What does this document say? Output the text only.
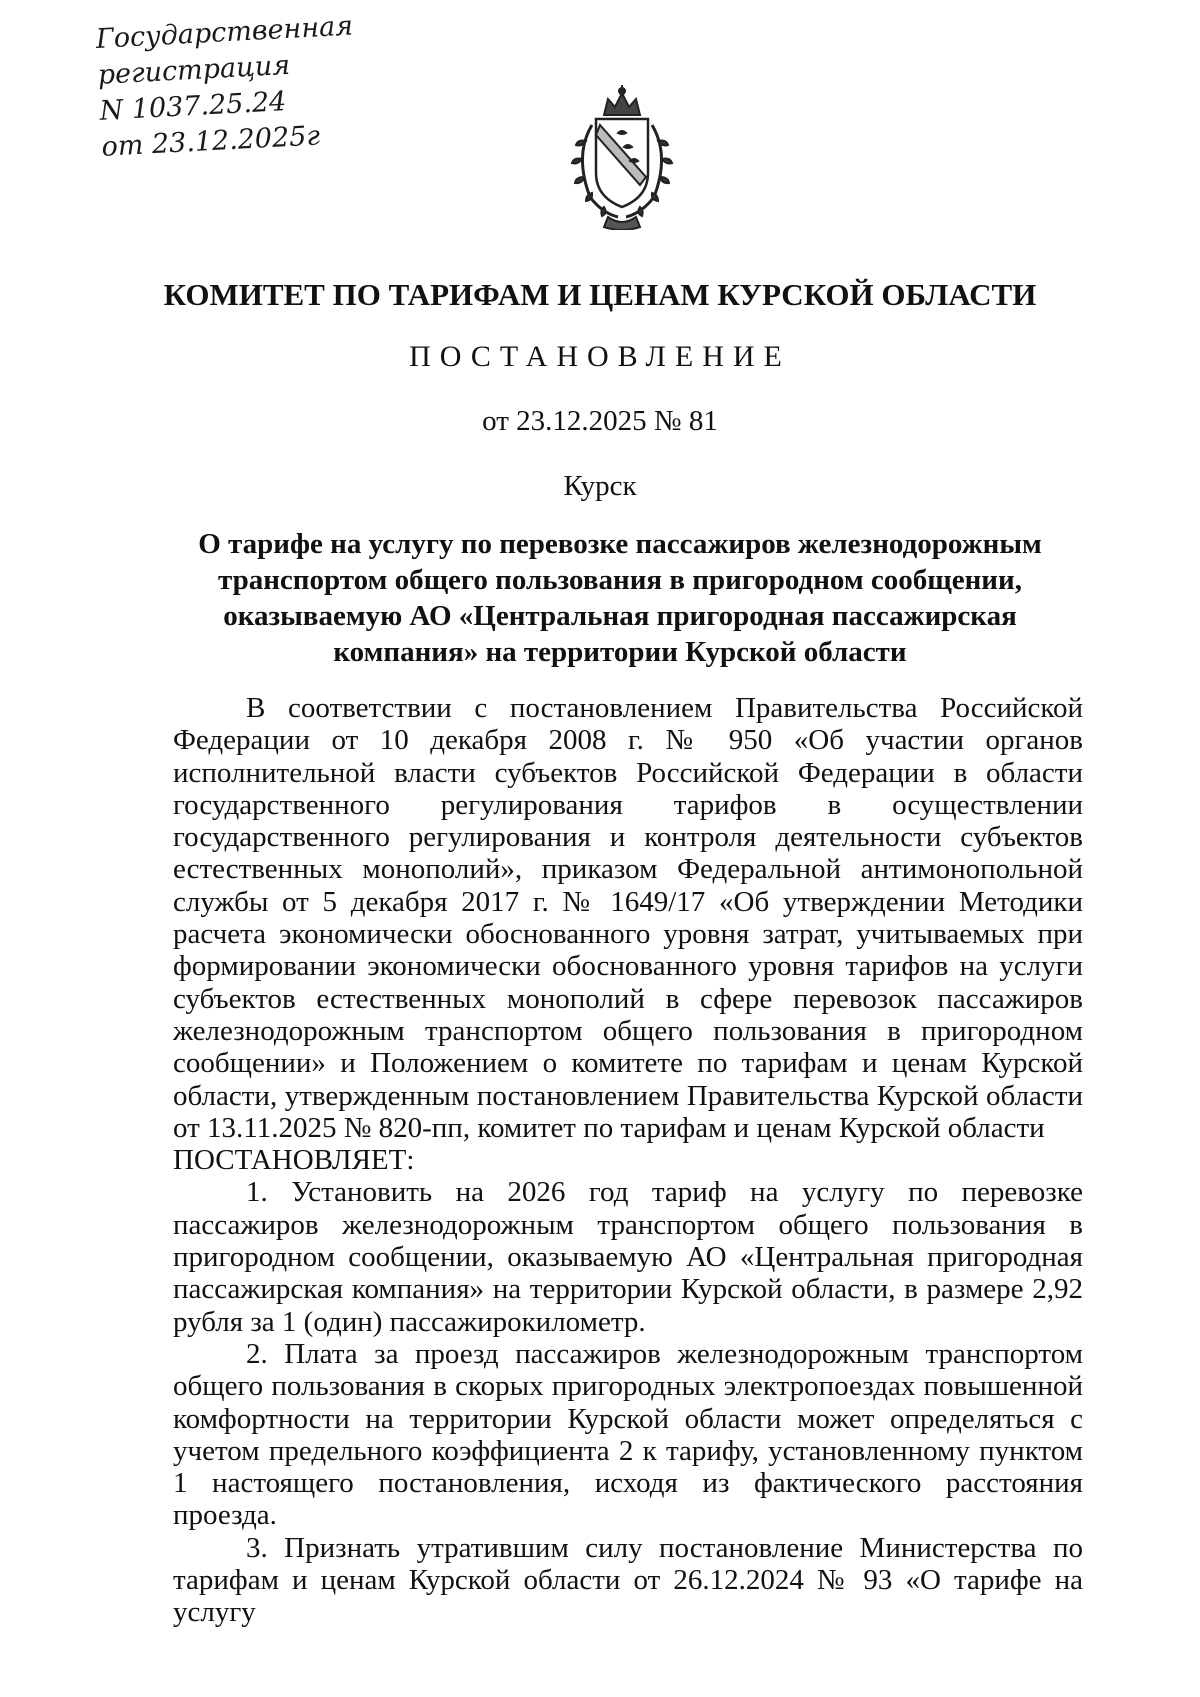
Государственная
регистрация
N 1037.25.24
от 23.12.2025г
КОМИТЕТ ПО ТАРИФАМ И ЦЕНАМ КУРСКОЙ ОБЛАСТИ
ПОСТАНОВЛЕНИЕ
от 23.12.2025 № 81
Курск
О тарифе на услугу по перевозке пассажиров железнодорожным
транспортом общего пользования в пригородном сообщении,
оказываемую АО «Центральная пригородная пассажирская
компания» на территории Курской области

В соответствии с постановлением Правительства Российской Федерации от 10 декабря 2008 г. № 950 «Об участии органов исполнительной власти субъектов Российской Федерации в области государственного регулирования тарифов в осуществлении государственного регулирования и контроля деятельности субъектов естественных монополий», приказом Федеральной антимонопольной службы от 5 декабря 2017 г. № 1649/17 «Об утверждении Методики расчета экономически обоснованного уровня затрат, учитываемых при формировании экономически обоснованного уровня тарифов на услуги субъектов естественных монополий в сфере перевозок пассажиров железнодорожным транспортом общего пользования в пригородном сообщении» и Положением о комитете по тарифам и ценам Курской области, утвержденным постановлением Правительства Курской области от 13.11.2025 № 820-пп, комитет по тарифам и ценам Курской области

ПОСТАНОВЛЯЕТ:

1. Установить на 2026 год тариф на услугу по перевозке пассажиров железнодорожным транспортом общего пользования в пригородном сообщении, оказываемую АО «Центральная пригородная пассажирская компания» на территории Курской области, в размере 2,92 рубля за 1 (один) пассажирокилометр.

2. Плата за проезд пассажиров железнодорожным транспортом общего пользования в скорых пригородных электропоездах повышенной комфортности на территории Курской области может определяться с учетом предельного коэффициента 2 к тарифу, установленному пунктом 1 настоящего постановления, исходя из фактического расстояния проезда.

3. Признать утратившим силу постановление Министерства по тарифам и ценам Курской области от 26.12.2024 № 93 «О тарифе на услугу
